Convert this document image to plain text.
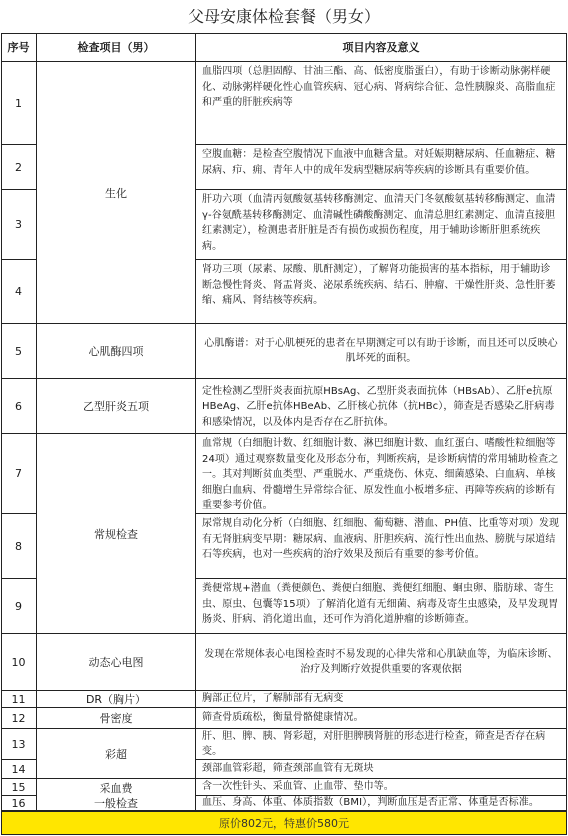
父母安康体检套餐（男女）
序号	检查项目（男）	项目内容及意义
1
2
3
4
5
6
7
8
9
10
11
12
13
14
15
16
生化
心肌酶四项
乙型肝炎五项
常规检查
动态心电图
DR（胸片）
骨密度
彩超
采血费
一般检查
血脂四项（总胆固醇、甘油三酯、高、低密度脂蛋白），有助于诊断动脉粥样硬化、动脉粥样硬化性心血管疾病、冠心病、肾病综合征、急性胰腺炎、高脂血症和严重的肝脏疾病等
空腹血糖：是检查空腹情况下血液中血糖含量。对妊娠期糖尿病、任血糖症、糖尿病、疖、痈、青年人中的成年发病型糖尿病等疾病的诊断具有重要价值。
肝功六项（血清丙氨酸氨基转移酶测定、血清天门冬氨酸氨基转移酶测定、血清γ-谷氨酰基转移酶测定、血清碱性磷酸酶测定、血清总胆红素测定、血清直接胆红素测定），检测患者肝脏是否有损伤或损伤程度，用于辅助诊断肝胆系统疾病。
肾功三项（尿素、尿酸、肌酐测定），了解肾功能损害的基本指标，用于辅助诊断急慢性肾炎、肾盂肾炎、泌尿系统疾病、结石、肿瘤、干燥性肝炎、急性肝萎缩、痛风、肾结核等疾病。
心肌酶谱：对于心肌梗死的患者在早期测定可以有助于诊断，而且还可以反映心肌坏死的面积。
定性检测乙型肝炎表面抗原HBsAg、乙型肝炎表面抗体（HBsAb）、乙肝e抗原HBeAg、乙肝e抗体HBeAb、乙肝核心抗体（抗HBc），筛查是否感染乙肝病毒和感染情况，以及体内是否存在乙肝抗体。
血常规（白细胞计数、红细胞计数、淋巴细胞计数、血红蛋白、嗜酸性粒细胞等24项）通过观察数量变化及形态分布，判断疾病，是诊断病情的常用辅助检查之一。其对判断贫血类型、严重脱水、严重烧伤、休克、细菌感染、白血病、单核细胞白血病、骨髓增生异常综合征、原发性血小板增多症、再障等疾病的诊断有重要参考价值。
尿常规自动化分析（白细胞、红细胞、葡萄糖、潜血、PH值、比重等对项）发现有无肾脏病变早期：糖尿病、血液病、肝胆疾病、流行性出血热、膀胱与尿道结石等疾病，也对一些疾病的治疗效果及预后有重要的参考价值。
粪便常规+潜血（粪便颜色、粪便白细胞、粪便红细胞、蛔虫卵、脂肪球、寄生虫、原虫、包囊等15项）了解消化道有无细菌、病毒及寄生虫感染，及早发现胃肠炎、肝病、消化道出血，还可作为消化道肿瘤的诊断筛查。
发现在常规体表心电图检查时不易发现的心律失常和心肌缺血等，为临床诊断、治疗及判断疗效提供重要的客观依据
胸部正位片，了解肺部有无病变
筛查骨质疏松，衡量骨骼健康情况。
肝、胆、脾、胰、肾彩超，对肝胆脾胰肾脏的形态进行检查，筛查是否存在病变。
颈部血管彩超，筛查颈部血管有无斑块
含一次性针头、采血管、止血带、垫巾等。
血压、身高、体重、体质指数（BMI），判断血压是否正常、体重是否标准。
原价802元，特惠价580元
